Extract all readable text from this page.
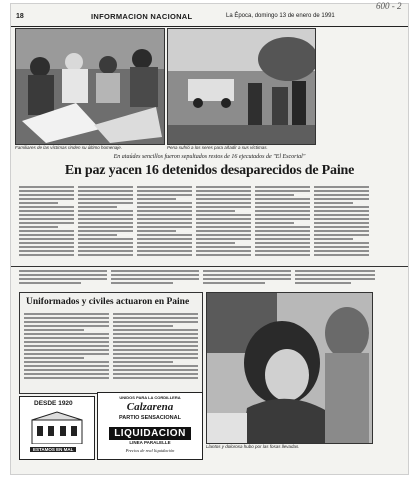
18	INFORMACION NACIONAL	La Época, domingo 13 de enero de 1991
Familiares de las víctimas rinden su último homenaje.	Pena sufrió a los seres para añadir a sus víctimas.
En ataúdes sencillos fueron sepultados restos de 16 ejecutados de "El Escorial"
En paz yacen 16 detenidos desaparecidos de Paine
Uniformados y civiles actuaron en Paine
Llantos y dolorosa hubo por las fosas llevadas.
DESDE 1920
ESTAMOS EN MAL
UNIDOS PARA LA CORDILLERA
Calzarena
PARTIO SENSACIONAL
LIQUIDACION
LINEA PARALELLE
Precios de real liquidación
600 - 2
